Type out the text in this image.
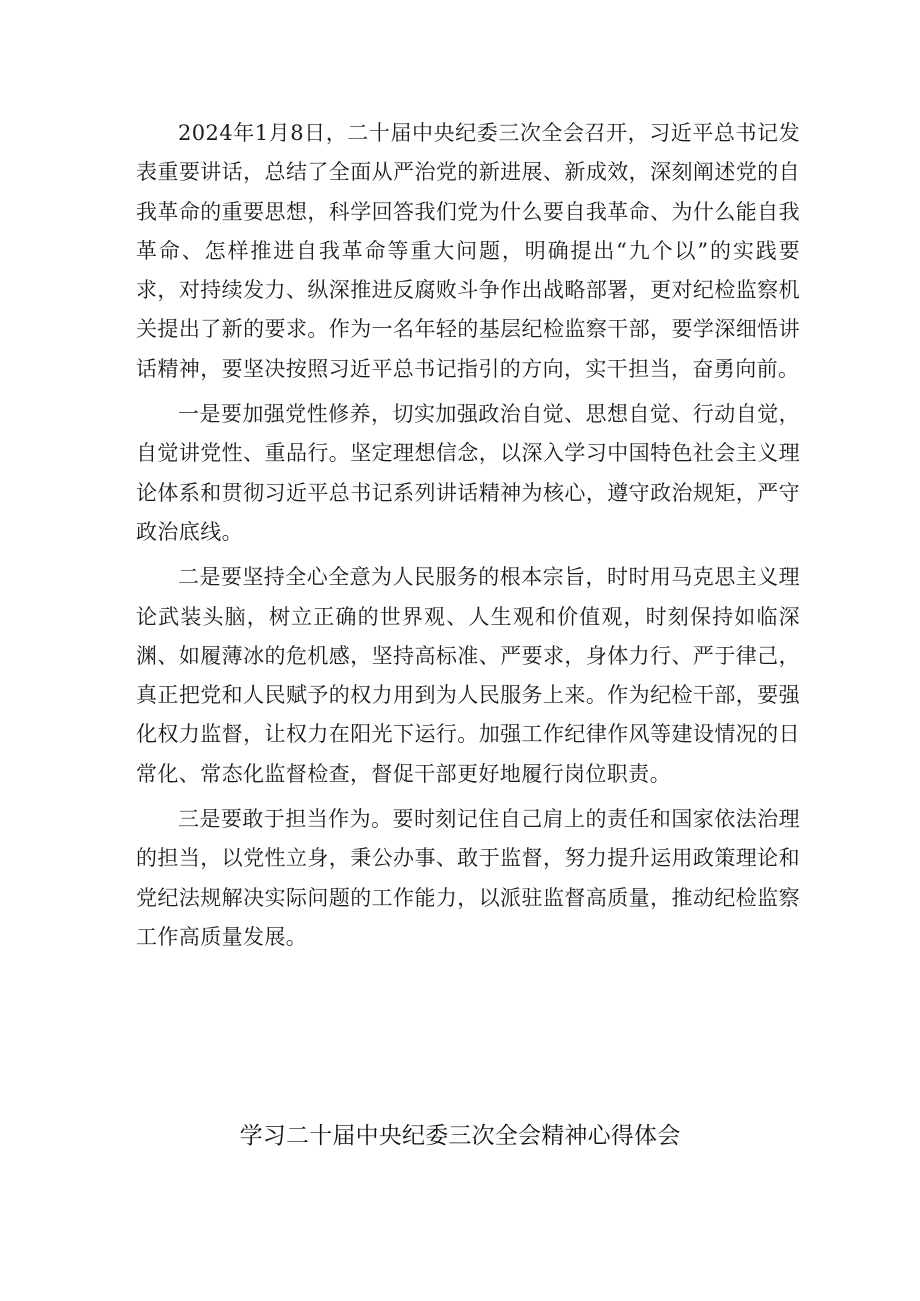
2024年1月8日，二十届中央纪委三次全会召开，习近平总书记发表重要讲话，总结了全面从严治党的新进展、新成效，深刻阐述党的自我革命的重要思想，科学回答我们党为什么要自我革命、为什么能自我革命、怎样推进自我革命等重大问题，明确提出“九个以”的实践要求，对持续发力、纵深推进反腐败斗争作出战略部署，更对纪检监察机关提出了新的要求。作为一名年轻的基层纪检监察干部，要学深细悟讲话精神，要坚决按照习近平总书记指引的方向，实干担当，奋勇向前。

一是要加强党性修养，切实加强政治自觉、思想自觉、行动自觉，自觉讲党性、重品行。坚定理想信念，以深入学习中国特色社会主义理论体系和贯彻习近平总书记系列讲话精神为核心，遵守政治规矩，严守政治底线。

二是要坚持全心全意为人民服务的根本宗旨，时时用马克思主义理论武装头脑，树立正确的世界观、人生观和价值观，时刻保持如临深渊、如履薄冰的危机感，坚持高标准、严要求，身体力行、严于律己，真正把党和人民赋予的权力用到为人民服务上来。作为纪检干部，要强化权力监督，让权力在阳光下运行。加强工作纪律作风等建设情况的日常化、常态化监督检查，督促干部更好地履行岗位职责。

三是要敢于担当作为。要时刻记住自己肩上的责任和国家依法治理的担当，以党性立身，秉公办事、敢于监督，努力提升运用政策理论和党纪法规解决实际问题的工作能力，以派驻监督高质量，推动纪检监察工作高质量发展。

学习二十届中央纪委三次全会精神心得体会
